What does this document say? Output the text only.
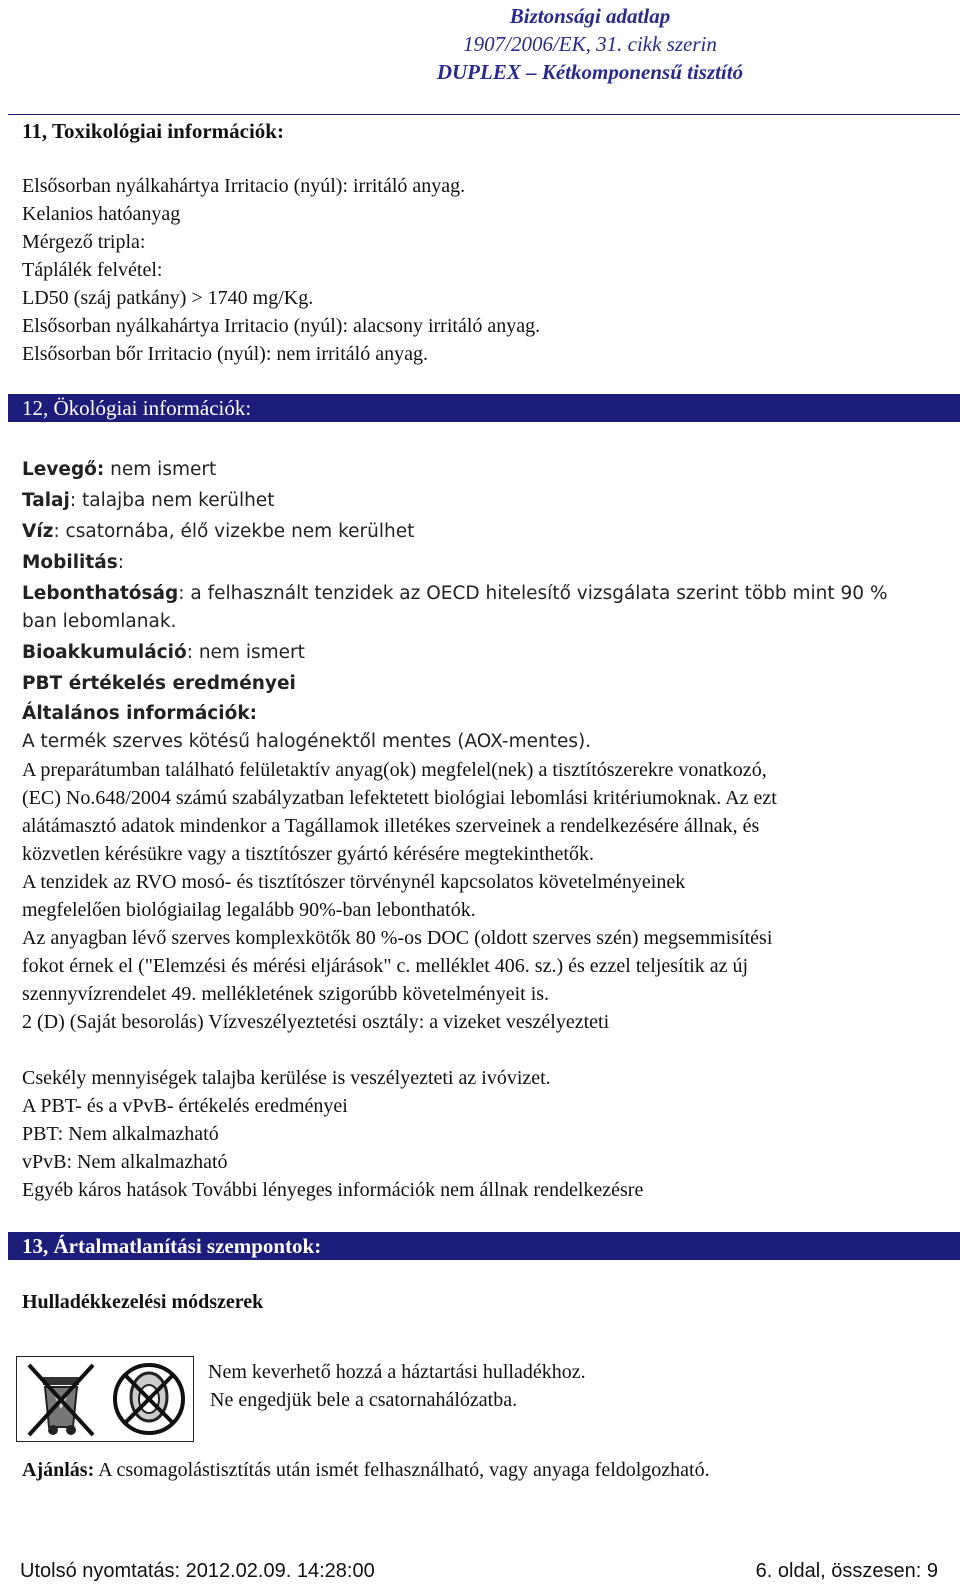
Biztonsági adatlap
1907/2006/EK, 31. cikk szerin
DUPLEX – Kétkomponensű tisztító
11, Toxikológiai információk:
Elsősorban nyálkahártya Irritacio (nyúl): irritáló anyag.
Kelanios hatóanyag
Mérgező tripla:
Táplálék felvétel:
LD50 (száj patkány) > 1740 mg/Kg.
Elsősorban nyálkahártya Irritacio (nyúl): alacsony irritáló anyag.
Elsősorban bőr Irritacio (nyúl): nem irritáló anyag.
12, Ökológiai információk:
Levegő: nem ismert
Talaj: talajba nem kerülhet
Víz: csatornába, élő vizekbe nem kerülhet
Mobilitás:
Lebonthatóság: a felhasznált tenzidek az OECD hitelesítő vizsgálata szerint több mint 90 %
ban lebomlanak.
Bioakkumuláció: nem ismert
PBT értékelés eredményei
Általános információk:
A termék szerves kötésű halogénektől mentes (AOX-mentes).
A preparátumban található felületaktív anyag(ok) megfelel(nek) a tisztítószerekre vonatkozó,
(EC) No.648/2004 számú szabályzatban lefektetett biológiai lebomlási kritériumoknak. Az ezt
alátámasztó adatok mindenkor a Tagállamok illetékes szerveinek a rendelkezésére állnak, és
közvetlen kérésükre vagy a tisztítószer gyártó kérésére megtekinthetők.
A tenzidek az RVO mosó- és tisztítószer törvénynél kapcsolatos követelményeinek
megfelelően biológiailag legalább 90%-ban lebonthatók.
Az anyagban lévő szerves komplexkötők 80 %-os DOC (oldott szerves szén) megsemmisítési
fokot érnek el ("Elemzési és mérési eljárások" c. melléklet 406. sz.) és ezzel teljesítik az új
szennyvízrendelet 49. mellékletének szigorúbb követelményeit is.
2 (D) (Saját besorolás) Vízveszélyeztetési osztály: a vizeket veszélyezteti
Csekély mennyiségek talajba kerülése is veszélyezteti az ivóvizet.
A PBT- és a vPvB- értékelés eredményei
PBT: Nem alkalmazható
vPvB: Nem alkalmazható
Egyéb káros hatások További lényeges információk nem állnak rendelkezésre
13, Ártalmatlanítási szempontok:
Hulladékkezelési módszerek
Nem keverhető hozzá a háztartási hulladékhoz.
Ne engedjük bele a csatornahálózatba.
Ajánlás: A csomagolástisztítás után ismét felhasználható, vagy anyaga feldolgozható.
Utolsó nyomtatás: 2012.02.09. 14:28:00	6. oldal, összesen: 9
